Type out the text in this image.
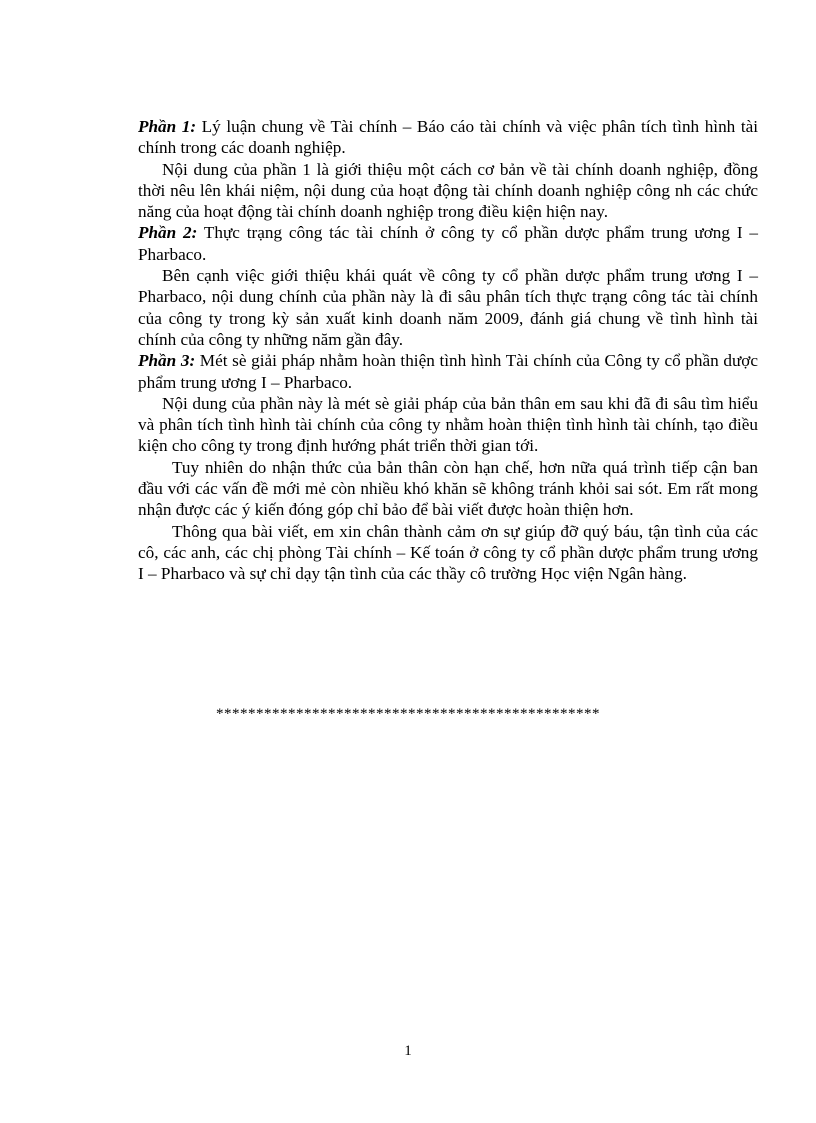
Phần 1: Lý luận chung về Tài chính – Báo cáo tài chính và việc phân tích tình hình tài chính trong các doanh nghiệp.

Nội dung của phần 1 là giới thiệu một cách cơ bản về tài chính doanh nghiệp, đồng thời nêu lên khái niệm, nội dung của hoạt động tài chính doanh nghiệp công nh các chức năng của hoạt động tài chính doanh nghiệp trong điều kiện hiện nay.

Phần 2: Thực trạng công tác tài chính ở công ty cổ phần dược phẩm trung ương I – Pharbaco.

Bên cạnh việc giới thiệu khái quát về công ty cổ phần dược phẩm trung ương I – Pharbaco, nội dung chính của phần này là đi sâu phân tích thực trạng công tác tài chính của công ty trong kỳ sản xuất kinh doanh năm 2009, đánh giá chung về tình hình tài chính của công ty những năm gần đây.

Phần 3: Mét sè giải pháp nhằm hoàn thiện tình hình Tài chính của Công ty cổ phần dược phẩm trung ương I – Pharbaco.

Nội dung của phần này là mét sè giải pháp của bản thân em sau khi đã đi sâu tìm hiểu và phân tích tình hình tài chính của công ty nhằm hoàn thiện tình hình tài chính, tạo điều kiện cho công ty trong định hướng phát triển thời gian tới.

Tuy nhiên do nhận thức của bản thân còn hạn chế, hơn nữa quá trình tiếp cận ban đầu với các vấn đề mới mẻ còn nhiều khó khăn sẽ không tránh khỏi sai sót. Em rất mong nhận được các ý kiến đóng góp chỉ bảo để bài viết được hoàn thiện hơn.

Thông qua bài viết, em xin chân thành cảm ơn sự giúp đỡ quý báu, tận tình của các cô, các anh, các chị phòng Tài chính – Kế toán ở công ty cổ phần dược phẩm trung ương I – Pharbaco và sự chỉ dạy tận tình của các thầy cô trường Học viện Ngân hàng.

************************************************
1
